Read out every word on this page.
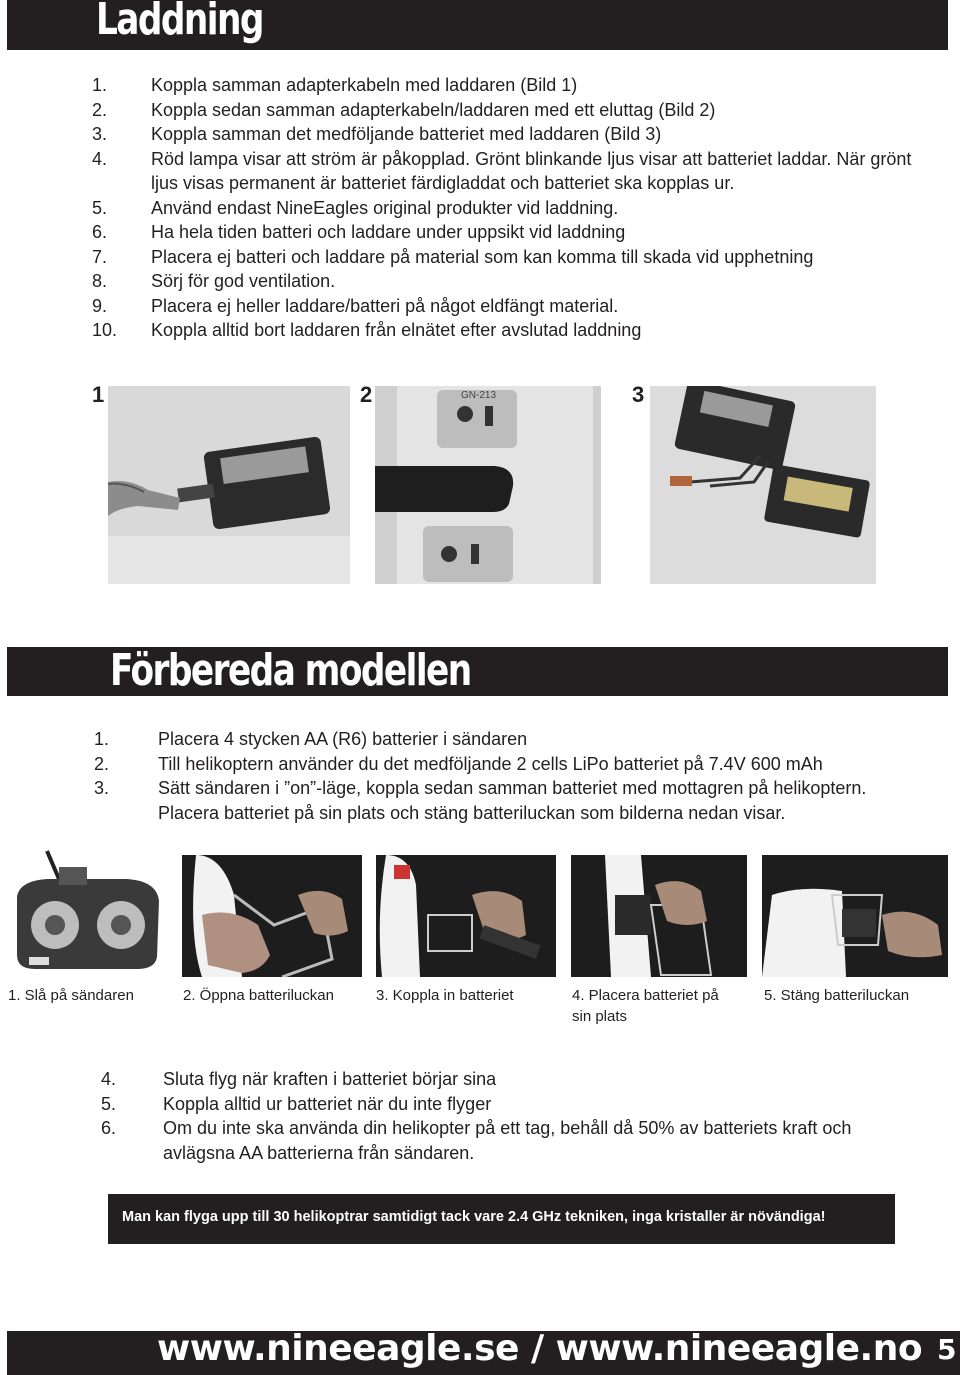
Laddning
1. Koppla samman adapterkabeln med laddaren (Bild 1)
2. Koppla sedan samman adapterkabeln/laddaren med ett eluttag (Bild 2)
3. Koppla samman det medföljande batteriet med laddaren (Bild 3)
4. Röd lampa visar att ström är påkopplad. Grönt blinkande ljus visar att batteriet laddar. När grönt ljus visas permanent är batteriet färdigladdat och batteriet ska kopplas ur.
5. Använd endast NineEagles original produkter vid laddning.
6. Ha hela tiden batteri och laddare under uppsikt vid laddning
7. Placera ej batteri och laddare på material som kan komma till skada vid upphetning
8. Sörj för god ventilation.
9. Placera ej heller laddare/batteri på något eldfängt material.
10. Koppla alltid bort laddaren från elnätet efter avslutad laddning
1	2	3
GN-213
Förbereda modellen
1.	Placera 4 stycken AA (R6) batterier i sändaren
2.	Till helikoptern använder du det medföljande 2 cells LiPo batteriet på 7.4V 600 mAh
3.	Sätt sändaren i ”on”-läge, koppla sedan samman batteriet med mottagren på helikoptern. Placera batteriet på sin plats och stäng batteriluckan som bilderna nedan visar.
1. Slå på sändaren	2. Öppna batteriluckan	3. Koppla in batteriet	4. Placera batteriet på sin plats
5. Stäng batteriluckan
4.	Sluta flyg när kraften i batteriet börjar sina
5.	Koppla alltid ur batteriet när du inte flyger
6.	Om du inte ska använda din helikopter på ett tag, behåll då 50% av batteriets kraft och avlägsna AA batterierna från sändaren.
Man kan flyga upp till 30 helikoptrar samtidigt tack vare 2.4 GHz tekniken, inga kristaller är növändiga!
www.nineeagle.se / www.nineeagle.no 5
